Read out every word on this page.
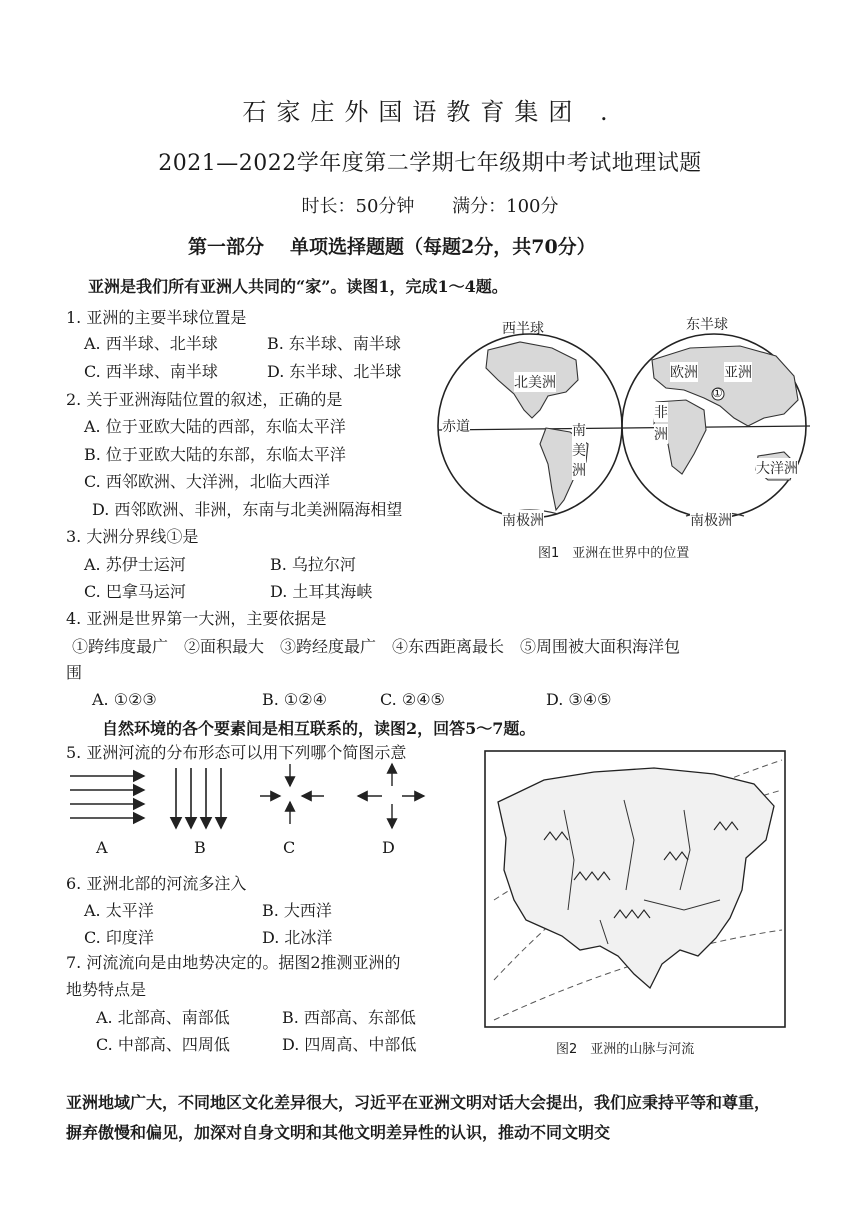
石家庄外国语教育集团 .
2021—2022学年度第二学期七年级期中考试地理试题
时长：50分钟 满分：100分
第一部分 单项选择题题（每题2分，共70分）
亚洲是我们所有亚洲人共同的“家”。读图1，完成1～4题。
1. 亚洲的主要半球位置是
A. 西半球、北半球	B. 东半球、南半球
C. 西半球、南半球	D. 东半球、北半球
2. 关于亚洲海陆位置的叙述，正确的是
A. 位于亚欧大陆的西部，东临太平洋
B. 位于亚欧大陆的东部，东临太平洋
C. 西邻欧洲、大洋洲，北临大西洋
D. 西邻欧洲、非洲，东南与北美洲隔海相望
3. 大洲分界线①是
A. 苏伊士运河	B. 乌拉尔河
C. 巴拿马运河	D. 土耳其海峡
4. 亚洲是世界第一大洲，主要依据是
①跨纬度最广　②面积最大　③跨经度最广　④东西距离最长　⑤周围被大面积海洋包
围
A. ①②③	B. ①②④	C. ②④⑤	D. ③④⑤
自然环境的各个要素间是相互联系的，读图2，回答5～7题。
5. 亚洲河流的分布形态可以用下列哪个简图示意
A	B	C	D
6. 亚洲北部的河流多注入
A. 太平洋	B. 大西洋
C. 印度洋	D. 北冰洋
7. 河流流向是由地势决定的。据图2推测亚洲的
地势特点是
A. 北部高、南部低	B. 西部高、东部低
C. 中部高、四周低	D. 四周高、中部低
西半球	东半球
北美洲
赤道	南
美
洲
南极洲
欧洲 亚洲
①
非
洲
大洋洲
南极洲
图1　亚洲在世界中的位置
图2　亚洲的山脉与河流
亚洲地域广大，不同地区文化差异很大，习近平在亚洲文明对话大会提出，我们应秉持平等和尊重，摒弃傲慢和偏见，加深对自身文明和其他文明差异性的认识，推动不同文明交
